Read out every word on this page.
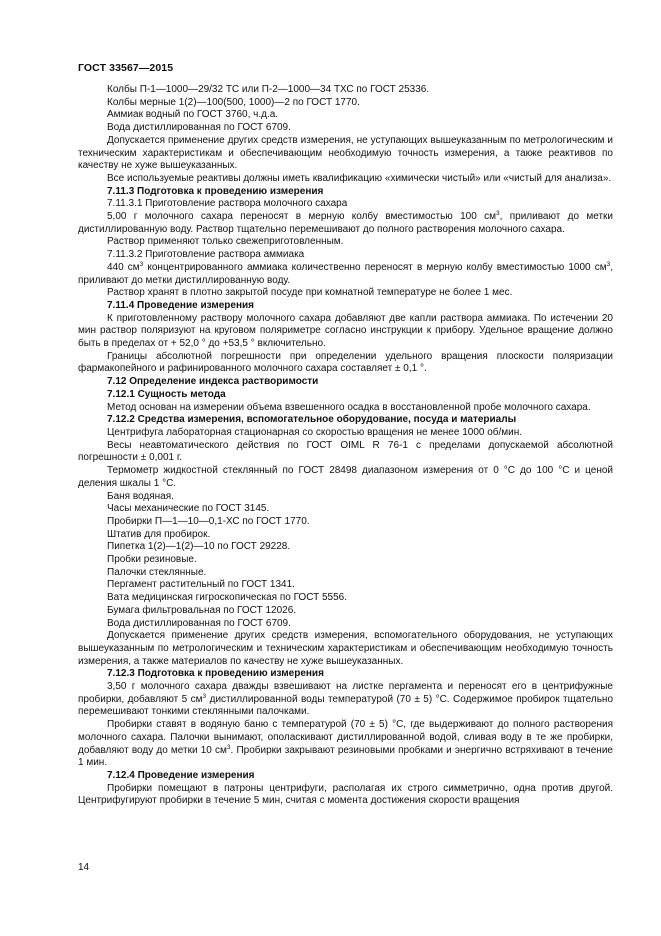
ГОСТ 33567—2015

Колбы П-1—1000—29/32 ТС или П-2—1000—34 ТХС по ГОСТ 25336.

Колбы мерные 1(2)—100(500, 1000)—2 по ГОСТ 1770.

Аммиак водный по ГОСТ 3760, ч.д.а.

Вода дистиллированная по ГОСТ 6709.

Допускается применение других средств измерения, не уступающих вышеуказанным по метрологическим и техническим характеристикам и обеспечивающим необходимую точность измерения, а также реактивов по качеству не хуже вышеуказанных.

Все используемые реактивы должны иметь квалификацию «химически чистый» или «чистый для анализа».

7.11.3 Подготовка к проведению измерения

7.11.3.1 Приготовление раствора молочного сахара

5,00 г молочного сахара переносят в мерную колбу вместимостью 100 $см^3$, приливают до метки дистиллированную воду. Раствор тщательно перемешивают до полного растворения молочного сахара.

Раствор применяют только свежеприготовленным.

7.11.3.2 Приготовление раствора аммиака

440 $см^3$ концентрированного аммиака количественно переносят в мерную колбу вместимостью 1000 $см^3$, приливают до метки дистиллированную воду.

Раствор хранят в плотно закрытой посуде при комнатной температуре не более 1 мес.

7.11.4 Проведение измерения

К приготовленному раствору молочного сахара добавляют две капли раствора аммиака. По истечении 20 мин раствор поляризуют на круговом поляриметре согласно инструкции к прибору. Удельное вращение должно быть в пределах от + 52,0 ° до +53,5 ° включительно.

Границы абсолютной погрешности при определении удельного вращения плоскости поляризации фармакопейного и рафинированного молочного сахара составляет ± 0,1 °.

7.12 Определение индекса растворимости

7.12.1 Сущность метода

Метод основан на измерении объема взвешенного осадка в восстановленной пробе молочного сахара.

7.12.2 Средства измерения, вспомогательное оборудование, посуда и материалы

Центрифуга лабораторная стационарная со скоростью вращения не менее 1000 об/мин.

Весы неавтоматического действия по ГОСТ OIML R 76-1 с пределами допускаемой абсолютной погрешности ± 0,001 г.

Термометр жидкостной стеклянный по ГОСТ 28498 диапазоном измерения от 0 °С до 100 °С и ценой деления шкалы 1 °С.

Баня водяная.

Часы механические по ГОСТ 3145.

Пробирки П—1—10—0,1-ХС по ГОСТ 1770.

Штатив для пробирок.

Пипетка 1(2)—1(2)—10 по ГОСТ 29228.

Пробки резиновые.

Палочки стеклянные.

Пергамент растительный по ГОСТ 1341.

Вата медицинская гигроскопическая по ГОСТ 5556.

Бумага фильтровальная по ГОСТ 12026.

Вода дистиллированная по ГОСТ 6709.

Допускается применение других средств измерения, вспомогательного оборудования, не уступающих вышеуказанным по метрологическим и техническим характеристикам и обеспечивающим необходимую точность измерения, а также материалов по качеству не хуже вышеуказанных.

7.12.3 Подготовка к проведению измерения

3,50 г молочного сахара дважды взвешивают на листке пергамента и переносят его в центрифужные пробирки, добавляют 5 $см^3$ дистиллированной воды температурой (70 ± 5) °С. Содержимое пробирок тщательно перемешивают тонкими стеклянными палочками.

Пробирки ставят в водяную баню с температурой (70 ± 5) °С, где выдерживают до полного растворения молочного сахара. Палочки вынимают, ополаскивают дистиллированной водой, сливая воду в те же пробирки, добавляют воду до метки 10 $см^3$. Пробирки закрывают резиновыми пробками и энергично встряхивают в течение 1 мин.

7.12.4 Проведение измерения

Пробирки помещают в патроны центрифуги, располагая их строго симметрично, одна против другой. Центрифугируют пробирки в течение 5 мин, считая с момента достижения скорости вращения

14
